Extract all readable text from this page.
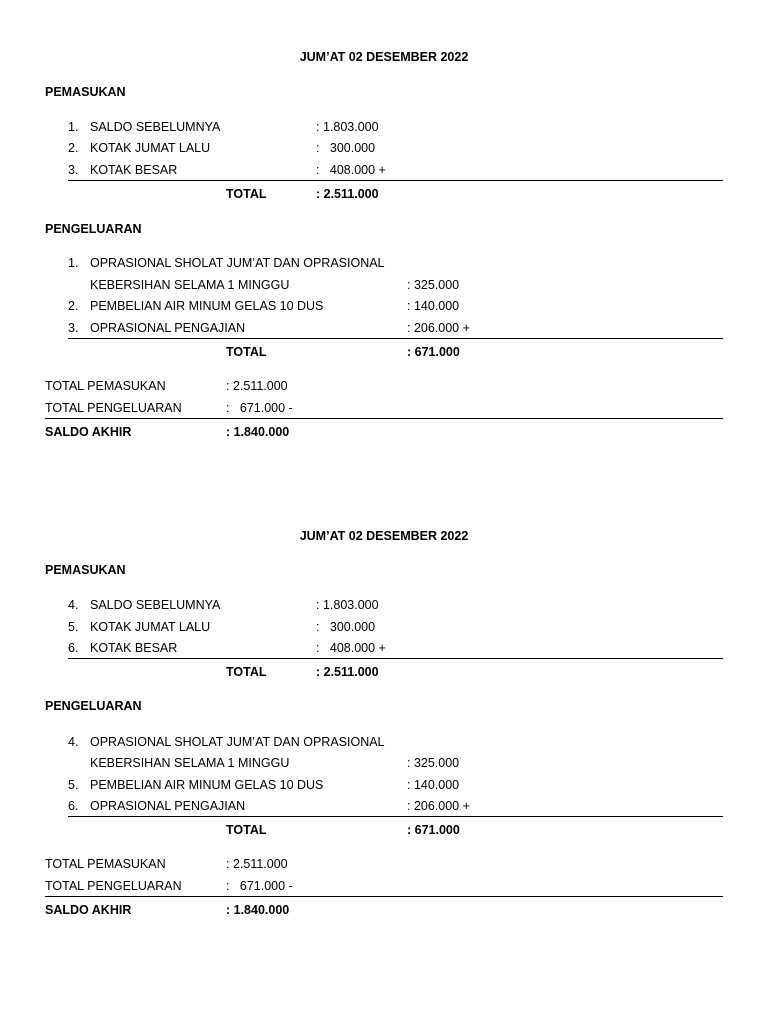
JUM’AT 02 DESEMBER 2022
PEMASUKAN
1. SALDO SEBELUMNYA	: 1.803.000
2. KOTAK JUMAT LALU	:   300.000
3. KOTAK BESAR	:   408.000 +
TOTAL	: 2.511.000
PENGELUARAN
1. OPRASIONAL SHOLAT JUM’AT DAN OPRASIONAL
KEBERSIHAN SELAMA 1 MINGGU	: 325.000
2. PEMBELIAN AIR MINUM GELAS 10 DUS	: 140.000
3. OPRASIONAL PENGAJIAN	: 206.000 +
TOTAL	: 671.000
TOTAL PEMASUKAN	: 2.511.000
TOTAL PENGELUARAN	:   671.000 -
SALDO AKHIR	: 1.840.000
JUM’AT 02 DESEMBER 2022
PEMASUKAN
4. SALDO SEBELUMNYA	: 1.803.000
5. KOTAK JUMAT LALU	:   300.000
6. KOTAK BESAR	:   408.000 +
TOTAL	: 2.511.000
PENGELUARAN
4. OPRASIONAL SHOLAT JUM’AT DAN OPRASIONAL
KEBERSIHAN SELAMA 1 MINGGU	: 325.000
5. PEMBELIAN AIR MINUM GELAS 10 DUS	: 140.000
6. OPRASIONAL PENGAJIAN	: 206.000 +
TOTAL	: 671.000
TOTAL PEMASUKAN	: 2.511.000
TOTAL PENGELUARAN	:   671.000 -
SALDO AKHIR	: 1.840.000
